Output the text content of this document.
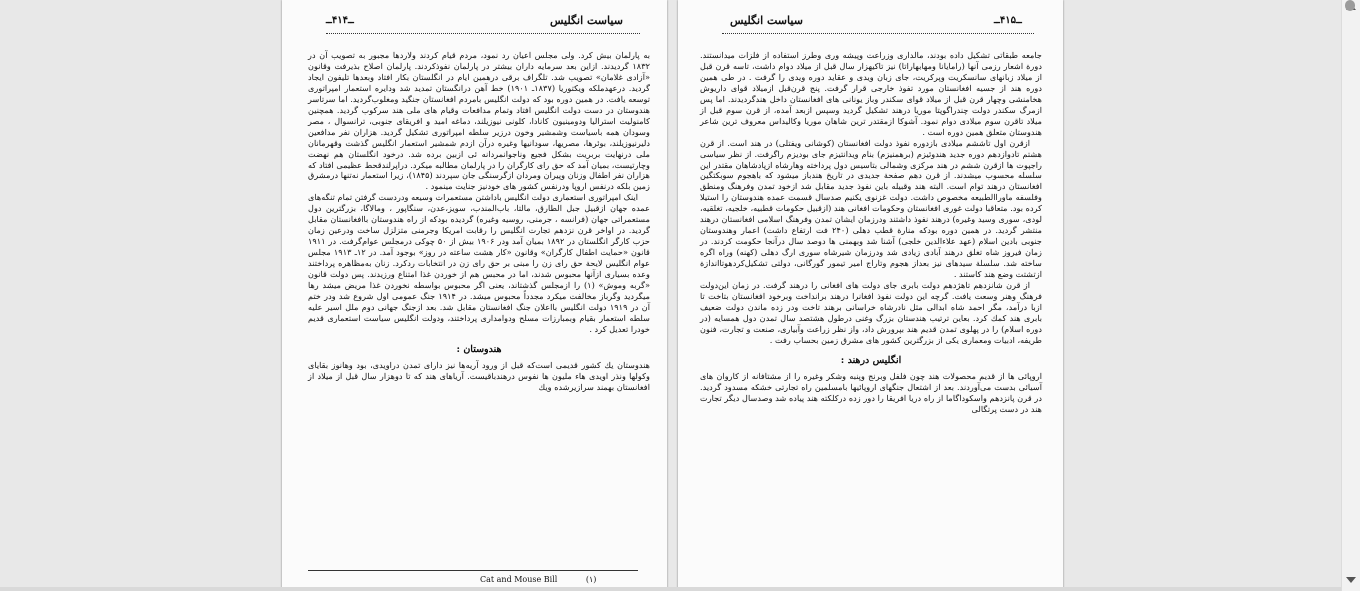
سیاست انگلیس
ــ۴۱۴ــ

به پارلمان بیش کرد. ولی مجلس اعیان رد نمود، مردم قیام کردند ولاردها مجبور به تصویب آن در ۱۸۳۲ گردیدند. ازاین بعد سرمایه داران بیشتر در پارلمان نفوذکردند. پارلمان اصلاح بذیرفت وقانون «آزادی غلامان» تصویب شد. تلگراف برقی درهمین ایام در انگلستان بکار افتاد وبعدها تلیفون ایجاد گردید. درعهدملکه ویکتوریا (۱۸۳۷ـ ۱۹۰۱) خط آهن درانگستان تمدید شد ودایره استعمار امپراتوری توسعه یافت. در همین دوره بود که دولت انگلیس بامردم افغانستان جنگید ومغلوب‌گردید. اما سرتاسر هندوستان در دست دولت انگلیس افتاد وتمام مدافعات وقیام های ملی هند سرکوب گردید. همچنین کامنولیت استرالیا ودومینیون کانادا، کلونی نیوزیلند، دماغه امید و افریقای جنوبی، ترانسوال ، مصر وسودان همه باسیاست وشمشیر وخون درزیر سلطه امپراتوری تشکیل گردید. هزاران نفر مدافعین دلیرنیوزیلند، بوئرها، مصریها، سودانیها وغیره درآن ازدم شمشیر استعمار انگلیس گذشت وقهرمانان ملی درنهایت بربریت بشکل فجیع وناجوانمردانه ئی ازبین برده شد. درخود انگلستان هم نهضت وچارتیست، بمیان آمد که حق رای کارگران را در پارلمان مطالبه میکرد. دراپرلندقحط عظیمی افتاد که هزاران نفر اطفال وزنان وپیران ومردان ازگرسنگی جان سپردند (۱۸۴۵)، زیرا استعمار نه‌تنها درمشرق زمین بلکه درنفس اروپا ودرنفس کشور های خودنیز جنایت مینمود .

اینک امپراتوری استعماری دولت انگلیس باداشتن مستعمرات وسیعه ودردست گرفتن تمام تنگه‌های عمده جهان ازقبیل جبل الطارق، مالتا، باب‌المندب، سویز،عدن، سنگاپور ، ومالاگا، بزرگترین دول مستعمراتی جهان (فرانسه ، جرمنی، روسیه وغیره) گردیده بودکه از راه هندوستان باافغانستان مقابل گردید. در اواخر قرن نزدهم تجارت انگلیس را رقابت امریکا وجرمنی متزلزل ساخت ودرعین زمان حزب کارگر انگلستان در ۱۸۹۲ بمیان آمد ودر ۱۹۰۶ بیش از ۵۰ چوکی درمجلس عوام‌گرفت. در ۱۹۱۱ قانون «حمایت اطفال کارگران» وقانون «کار هشت ساعته در روز» بوجود آمد. در ۱۲ـ ۱۹۱۳ مجلس عوام انگلیس لایحة حق رای زن را مبنی بر حق رای زن در انتخابات رد‌کرد. زنان به‌مظاهره پرداختند وعده بسیاری ازآنها محبوس شدند، اما در محبس هم از خوردن غذا امتناع ورزیدند. پس دولت قانون «گربه وموش» (۱) را ازمجلس گذشتاند، یعنی اگر محبوس بواسطه نخوردن غذا مریض میشد رها میگردید وگرباز مخالفت میکرد مجدداً محبوس میشد. در ۱۹۱۴ جنگ عمومی اول شروع شد ودر ختم آن در ۱۹۱۹ دولت انگلیس بااعلان جنگ افغانستان مقابل شد. بعد ازجنگ جهانی دوم ملل اسیر علیه سلطه استعمار بقیام وبمبارزات مسلح ودوامداری پرداختند، ودولت انگلیس سیاست استعماری قدیم خودرا تعدیل کرد .

هندوستان :

هندوستان یك کشور قدیمی است‌که قبل از ورود آریه‌ها نیز دارای تمدن دراویدی، بود وهانوز بقایای وکولها ونذر اویدی هاء ملیون ها نفوس درهندباقیست. آریاهای هند که تا دوهزار سال قبل از میلاد از افغانستان بهمند سرازیرشده ویك

Cat and Mouse Bill	(۱)
سیاست انگلیس	ــ۴۱۵ــ

جامعه طبقاتی تشکیل داده بودند، مالداری وزراعت وپیشه وری وطرز استفاده از فلزات میدانستند. دورة اشعار رزمی آنها (رامایانا ومهابهاراتا) نیز تاکیهزار سال قبل از میلاد دوام داشت، تاسه قرن قبل از میلاد زبانهای سانسکریت وپرکریت، جای زبان ویدی و عقاید دوره ویدی را گرفت . در طی همین دوره هند از جسیه افغانستان مورد تفوذ خارجی قرار گرفت. پنج قرن‌قبل ازمیلاد قوای داریوش هخامنشی وچهار قرن قبل از میلاد قوای سکندر وباز یونانی های افغانستان داخل هندگردیدند. اما پس ازمرگ سکندر دولت چندراگوپتا موریا درهند تشکیل گردید وسپس ازبعد آمده، از قرن سوم قبل از میلاد تاقرن سوم میلادی دوام نمود. آشوکا ازمقتدر ترین شاهان موریا وکالیداس معروف ترین شاعر هندوستان متعلق همین دوره است .

ازقرن اول تاششم میلادی باز‌دوره نفوذ دولت افغانستان (کوشانی ویفتلی) در هند است. از قرن هشتم تادوازدهم دوره جدید هندوئیزم (برهمنیزم) بنام ویدانتیزم جای بودیزم راگرفت. از نظر سیاسی راجپوت ها ازقرن ششم در هند مرکزی وشمالی بتاسیس دول پرداخته وهارشاه ازپادشاهان مقتدر این سلسله محسوب میشدند. از قرن دهم صفحة جدیدی در تاریخ هند‌باز میشود که باهجوم سوبکتگین افغانستان درهند توام است. البته هند وقبیله باین نفوذ جدید مقابل شد ازخود تمدن وفرهنگ ومنطق وفلسفه ماوراالطبیعه مخصوص داشت. دولت غزنوی یکنیم صدسال قسمت عمده هندوستان را استیلا کرده بود. متعاقبا دولت غوری افغانستان وحکومات افغانی هند (ازقبیل حکومات قطبیه، خلجیه، تغلقیه، لودی، سوری وسید وغیره) درهند نفوذ داشتند ودرزمان ایشان تمدن وفرهنگ اسلامی افغانستان درهند منتشر گردید. در همین دوره بودکه منارة قطب دهلی (۲۴۰ فت ارتفاع داشت) اعمار وهندوستان جنوبی بادین اسلام (عهد علاء‌الدین خلجی) آشنا شد وبهمنی ها دوصد سال درآنجا حکومت کردند. در زمان فیروز شاه تغلق درهند آبادی زیادی شد ودرزمان شیرشاه سوری ارگ دهلی (کهنه) وراه اگره ساخته شد. سلسلة سیدهای نیز بعداز هجوم وتاراج امیر تیمور گورگانی، دولتی تشکیل‌کردهوتااندازة ازتشتت وضع هند کاستند .

از قرن شانزدهم تاهژدهم دولت بابری جای دولت های افغانی را درهند گرفت. در زمان این‌دولت فرهنگ وهنر وسعت یافت. گرچه این دولت نفوذ افغانرا درهند برانداخت وبرخود افغانستان بتاخت تا ازبا درآمد، مگر احمد شاه ابدالی مثل نادرشاه خراسانی برهند تاخت ودر زده ماندن دولت ضعیف بابری هند کمك کرد. بعاین ترتیب هندستان بزرگ وغنی درطول هشتصد سال تمدن دول همسایه (در دوره اسلام) را در پهلوی تمدن قدیم هند بپرورش داد، واز نظر زراعت وآبیاری، صنعت و تجارت، فنون طریفه، ادبیات ومعماری یکی از بزرگترین کشور های مشرق زمین بحساب رفت .

انگلیس درهند :

اروپائی ها از قدیم محصولات هند چون فلفل وبرنج وپنبه وشکر وغیره را از مشتافانه از کاروان های آسیائی بدست می‌آوردند. بعد از اشتعال جنگهای اروپائیها بامسلمین راه تجارتی خشکه مسدود گردید. در قرن پانزدهم واسکوداگاما از راه دریا افریقا را دور زده درکلکته هند پیاده شد وصدسال دیگر تجارت هند در دست پرتگالی
